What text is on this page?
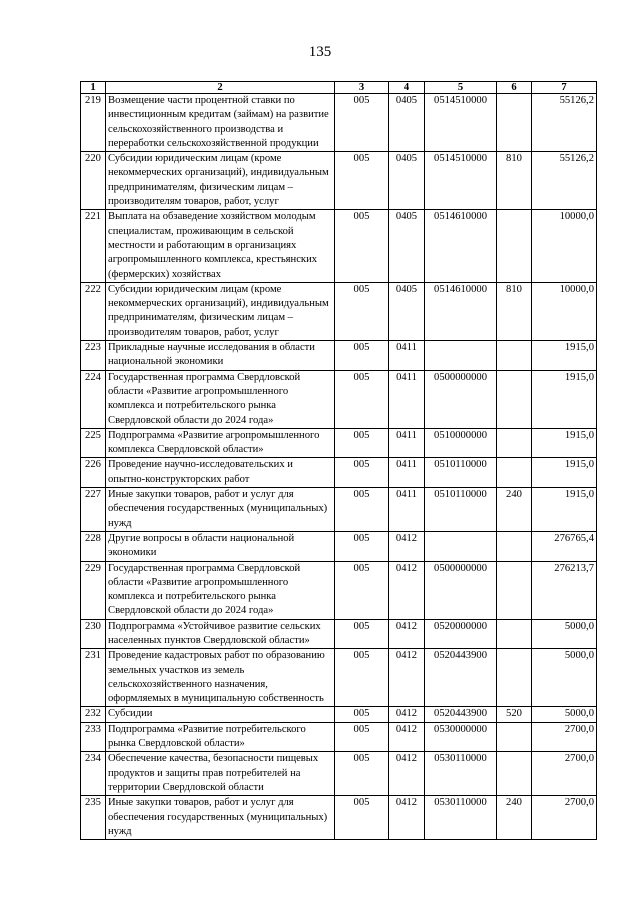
135
1	2	3	4	5	6	7
219	Возмещение части процентной ставки по инвестиционным кредитам (займам) на развитие сельскохозяйственного производства и переработки сельскохозяйственной продукции	005	0405	0514510000		55126,2
220	Субсидии юридическим лицам (кроме некоммерческих организаций), индивидуальным предпринимателям, физическим лицам – производителям товаров, работ, услуг	005	0405	0514510000	810	55126,2
221	Выплата на обзаведение хозяйством молодым специалистам, проживающим в сельской местности и работающим в организациях агропромышленного комплекса, крестьянских (фермерских) хозяйствах	005	0405	0514610000		10000,0
222	Субсидии юридическим лицам (кроме некоммерческих организаций), индивидуальным предпринимателям, физическим лицам – производителям товаров, работ, услуг	005	0405	0514610000	810	10000,0
223	Прикладные научные исследования в области национальной экономики	005	0411			1915,0
224	Государственная программа Свердловской области «Развитие агропромышленного комплекса и потребительского рынка Свердловской области до 2024 года»	005	0411	0500000000		1915,0
225	Подпрограмма «Развитие агропромышленного комплекса Свердловской области»	005	0411	0510000000		1915,0
226	Проведение научно-исследовательских и опытно-конструкторских работ	005	0411	0510110000		1915,0
227	Иные закупки товаров, работ и услуг для обеспечения государственных (муниципальных) нужд	005	0411	0510110000	240	1915,0
228	Другие вопросы в области национальной экономики	005	0412			276765,4
229	Государственная программа Свердловской области «Развитие агропромышленного комплекса и потребительского рынка Свердловской области до 2024 года»	005	0412	0500000000		276213,7
230	Подпрограмма «Устойчивое развитие сельских населенных пунктов Свердловской области»	005	0412	0520000000		5000,0
231	Проведение кадастровых работ по образованию земельных участков из земель сельскохозяйственного назначения, оформляемых в муниципальную собственность	005	0412	0520443900		5000,0
232	Субсидии	005	0412	0520443900	520	5000,0
233	Подпрограмма «Развитие потребительского рынка Свердловской области»	005	0412	0530000000		2700,0
234	Обеспечение качества, безопасности пищевых продуктов и защиты прав потребителей на территории Свердловской области	005	0412	0530110000		2700,0
235	Иные закупки товаров, работ и услуг для обеспечения государственных (муниципальных) нужд	005	0412	0530110000	240	2700,0
